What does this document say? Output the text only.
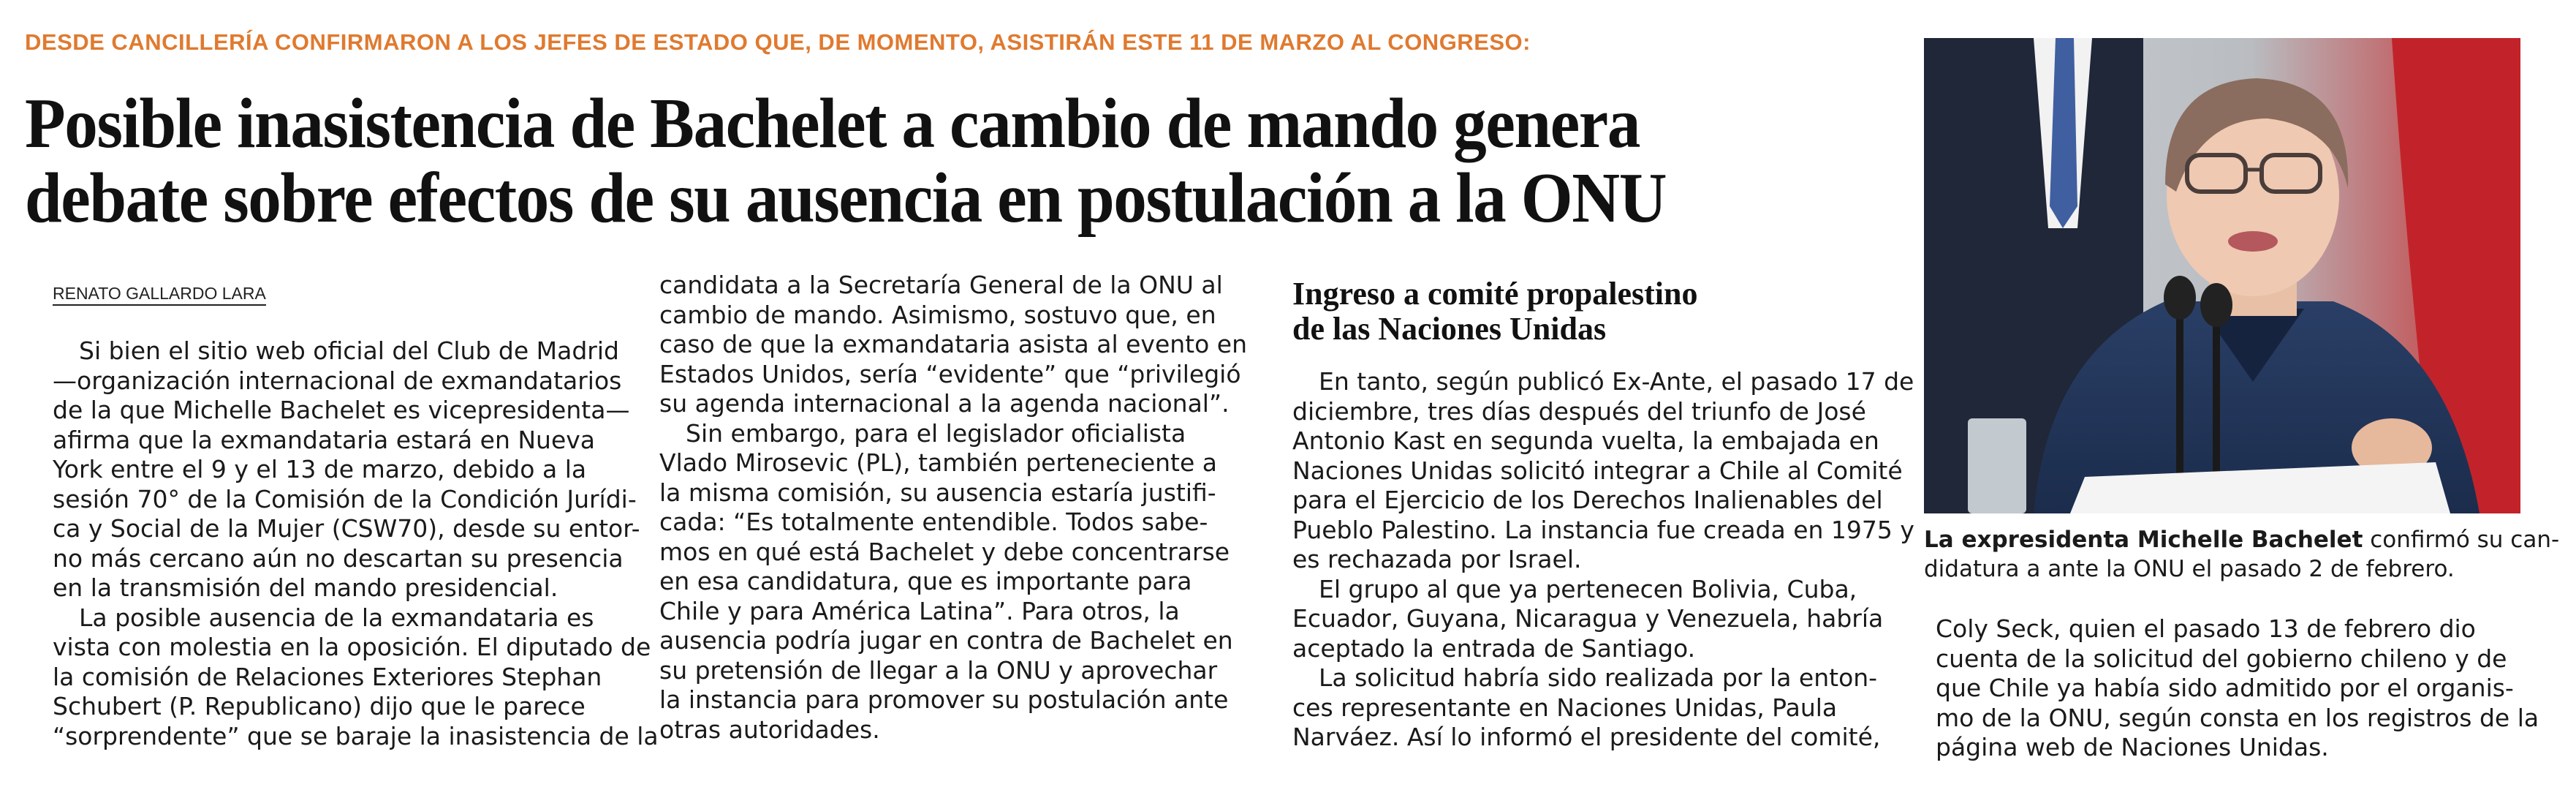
DESDE CANCILLERÍA CONFIRMARON A LOS JEFES DE ESTADO QUE, DE MOMENTO, ASISTIRÁN ESTE 11 DE MARZO AL CONGRESO:
Posible inasistencia de Bachelet a cambio de mando genera
debate sobre efectos de su ausencia en postulación a la ONU
RENATO GALLARDO LARA
Si bien el sitio web oficial del Club de Madrid
—organización internacional de exmandatarios
de la que Michelle Bachelet es vicepresidenta—
afirma que la exmandataria estará en Nueva
York entre el 9 y el 13 de marzo, debido a la
sesión 70° de la Comisión de la Condición Jurídi-
ca y Social de la Mujer (CSW70), desde su entor-
no más cercano aún no descartan su presencia
en la transmisión del mando presidencial.
La posible ausencia de la exmandataria es
vista con molestia en la oposición. El diputado de
la comisión de Relaciones Exteriores Stephan
Schubert (P. Republicano) dijo que le parece
“sorprendente” que se baraje la inasistencia de la
candidata a la Secretaría General de la ONU al
cambio de mando. Asimismo, sostuvo que, en
caso de que la exmandataria asista al evento en
Estados Unidos, sería “evidente” que “privilegió
su agenda internacional a la agenda nacional”.
Sin embargo, para el legislador oficialista
Vlado Mirosevic (PL), también perteneciente a
la misma comisión, su ausencia estaría justifi-
cada: “Es totalmente entendible. Todos sabe-
mos en qué está Bachelet y debe concentrarse
en esa candidatura, que es importante para
Chile y para América Latina”. Para otros, la
ausencia podría jugar en contra de Bachelet en
su pretensión de llegar a la ONU y aprovechar
la instancia para promover su postulación ante
otras autoridades.
Ingreso a comité propalestino
de las Naciones Unidas
En tanto, según publicó Ex-Ante, el pasado 17 de
diciembre, tres días después del triunfo de José
Antonio Kast en segunda vuelta, la embajada en
Naciones Unidas solicitó integrar a Chile al Comité
para el Ejercicio de los Derechos Inalienables del
Pueblo Palestino. La instancia fue creada en 1975 y
es rechazada por Israel.
El grupo al que ya pertenecen Bolivia, Cuba,
Ecuador, Guyana, Nicaragua y Venezuela, habría
aceptado la entrada de Santiago.
La solicitud habría sido realizada por la enton-
ces representante en Naciones Unidas, Paula
Narváez. Así lo informó el presidente del comité,
La expresidenta Michelle Bachelet confirmó su can-
didatura a ante la ONU el pasado 2 de febrero.
Coly Seck, quien el pasado 13 de febrero dio
cuenta de la solicitud del gobierno chileno y de
que Chile ya había sido admitido por el organis-
mo de la ONU, según consta en los registros de la
página web de Naciones Unidas.
